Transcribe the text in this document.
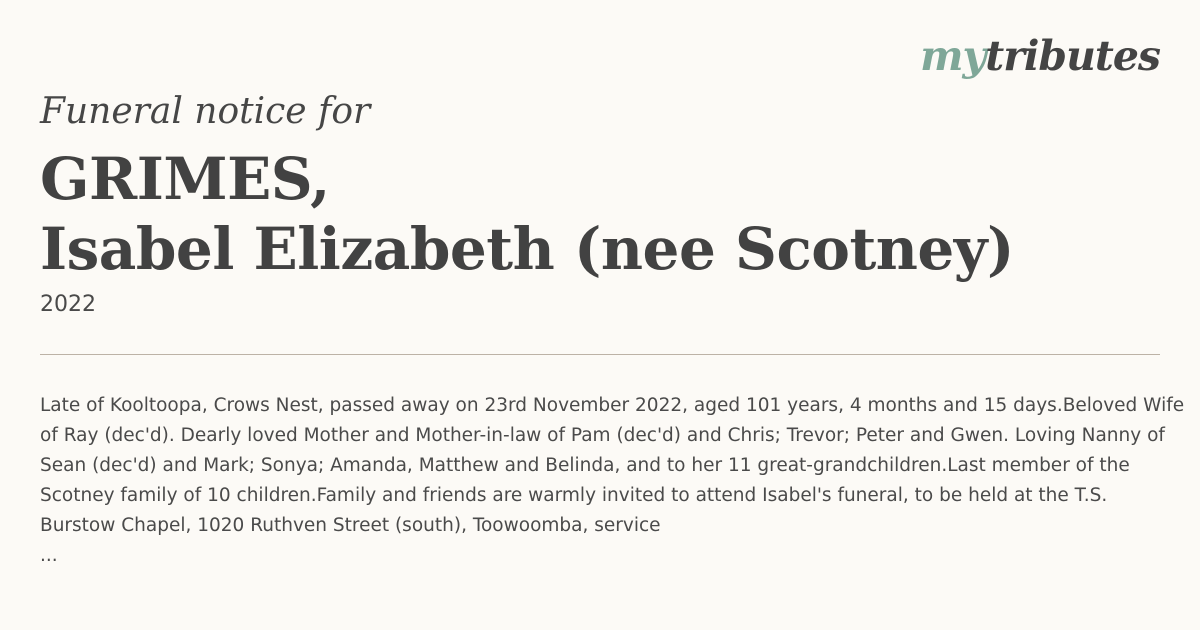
mytributes
Funeral notice for
GRIMES,
Isabel Elizabeth (nee Scotney)
2022
Late of Kooltoopa, Crows Nest, passed away on 23rd November 2022, aged 101 years, 4 months and 15 days.Beloved Wife of Ray (dec'd). Dearly loved Mother and Mother-in-law of Pam (dec'd) and Chris; Trevor; Peter and Gwen. Loving Nanny of Sean (dec'd) and Mark; Sonya; Amanda, Matthew and Belinda, and to her 11 great-grandchildren.Last member of the Scotney family of 10 children.Family and friends are warmly invited to attend Isabel's funeral, to be held at the T.S. Burstow Chapel, 1020 Ruthven Street (south), Toowoomba, service
...
